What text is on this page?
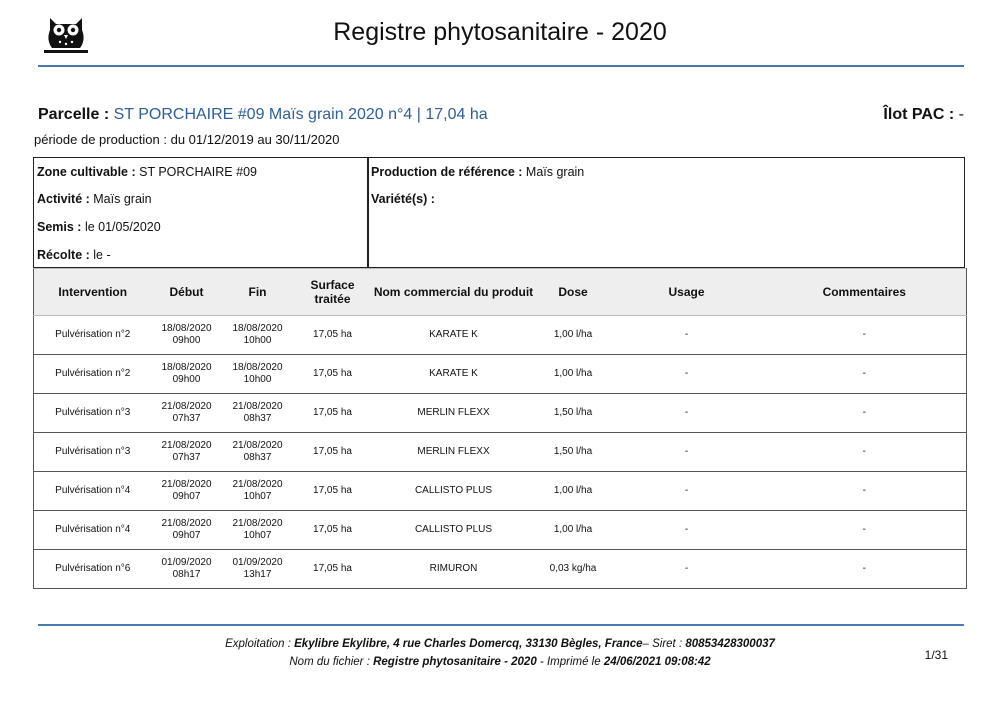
Registre phytosanitaire - 2020
Parcelle : ST PORCHAIRE #09 Maïs grain 2020 n°4 | 17,04 ha	Îlot PAC : -
période de production : du 01/12/2019 au 30/11/2020
Zone cultivable : ST PORCHAIRE #09
Activité : Maïs grain
Semis : le 01/05/2020
Récolte : le -
Production de référence : Maïs grain
Variété(s) :
Intervention	Début	Fin	Surface
traitée	Nom commercial du produit	Dose	Usage	Commentaires
Pulvérisation n°2	18/08/2020
09h00	18/08/2020
10h00	17,05 ha	KARATE K	1,00 l/ha	-	-
Pulvérisation n°2	18/08/2020
09h00	18/08/2020
10h00	17,05 ha	KARATE K	1,00 l/ha	-	-
Pulvérisation n°3	21/08/2020
07h37	21/08/2020
08h37	17,05 ha	MERLIN FLEXX	1,50 l/ha	-	-
Pulvérisation n°3	21/08/2020
07h37	21/08/2020
08h37	17,05 ha	MERLIN FLEXX	1,50 l/ha	-	-
Pulvérisation n°4	21/08/2020
09h07	21/08/2020
10h07	17,05 ha	CALLISTO PLUS	1,00 l/ha	-	-
Pulvérisation n°4	21/08/2020
09h07	21/08/2020
10h07	17,05 ha	CALLISTO PLUS	1,00 l/ha	-	-
Pulvérisation n°6	01/09/2020
08h17	01/09/2020
13h17	17,05 ha	RIMURON	0,03 kg/ha	-	-
Exploitation : Ekylibre Ekylibre, 4 rue Charles Domercq, 33130 Bègles, France– Siret : 80853428300037
Nom du fichier : Registre phytosanitaire - 2020 - Imprimé le 24/06/2021 09:08:42	1/31
